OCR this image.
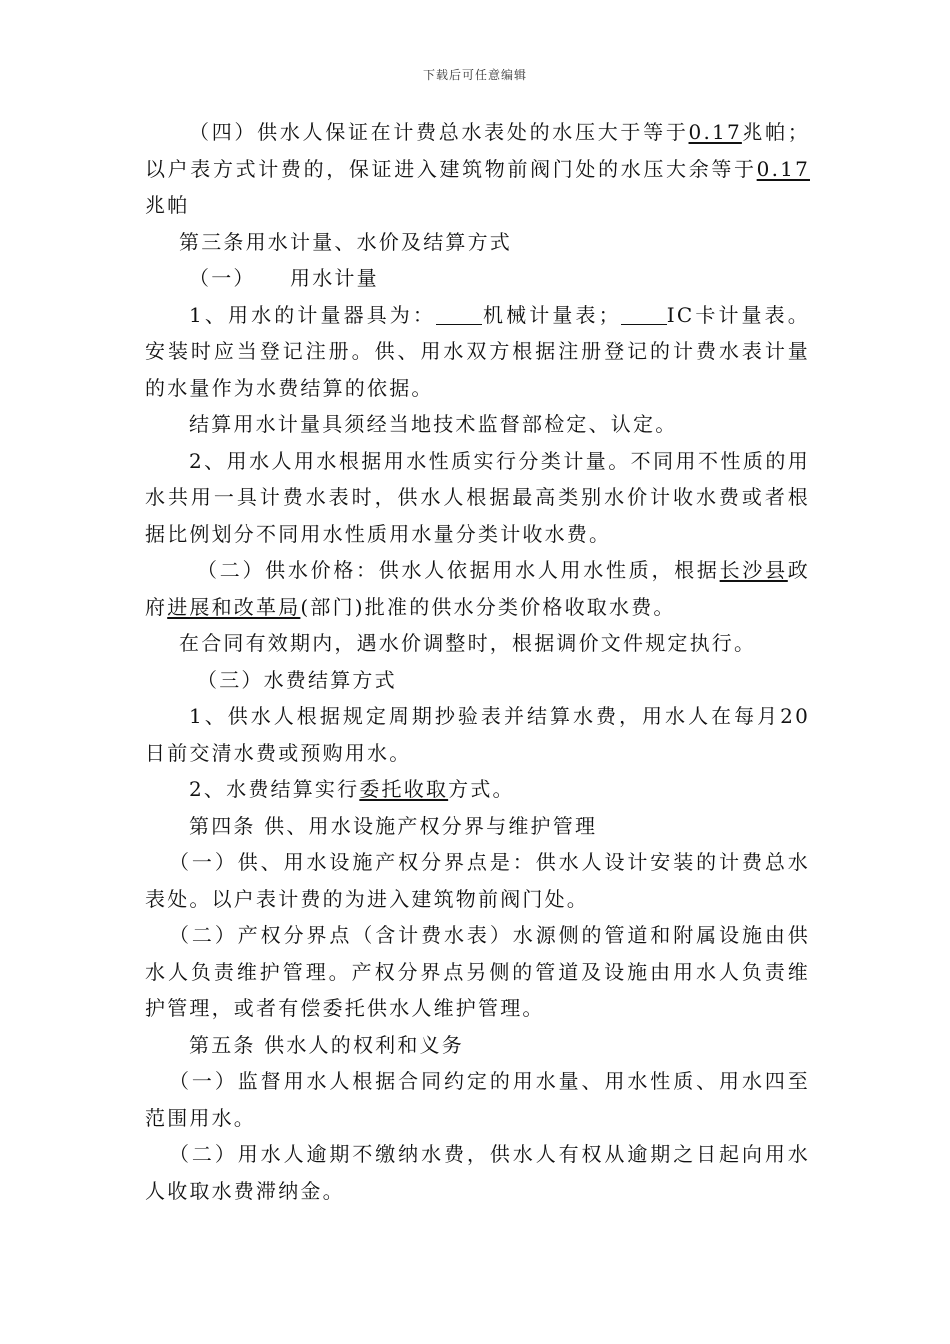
下载后可任意编辑

（四）供水人保证在计费总水表处的水压大于等于0.17兆帕；以户表方式计费的，保证进入建筑物前阀门处的水压大余等于0.17兆帕

第三条用水计量、水价及结算方式

（一）　　用水计量

1、用水的计量器具为： 机械计量表； IC卡计量表。安装时应当登记注册。供、用水双方根据注册登记的计费水表计量的水量作为水费结算的依据。

结算用水计量具须经当地技术监督部检定、认定。

2、用水人用水根据用水性质实行分类计量。不同用不性质的用水共用一具计费水表时，供水人根据最高类别水价计收水费或者根据比例划分不同用水性质用水量分类计收水费。

（二）供水价格：供水人依据用水人用水性质，根据长沙县政府进展和改革局(部门)批准的供水分类价格收取水费。

在合同有效期内，遇水价调整时，根据调价文件规定执行。

（三）水费结算方式

1、供水人根据规定周期抄验表并结算水费，用水人在每月20日前交清水费或预购用水。

2、水费结算实行委托收取方式。

第四条 供、用水设施产权分界与维护管理

（一）供、用水设施产权分界点是：供水人设计安装的计费总水表处。以户表计费的为进入建筑物前阀门处。

（二）产权分界点（含计费水表）水源侧的管道和附属设施由供水人负责维护管理。产权分界点另侧的管道及设施由用水人负责维护管理，或者有偿委托供水人维护管理。

第五条 供水人的权利和义务

（一）监督用水人根据合同约定的用水量、用水性质、用水四至范围用水。

（二）用水人逾期不缴纳水费，供水人有权从逾期之日起向用水人收取水费滞纳金。
